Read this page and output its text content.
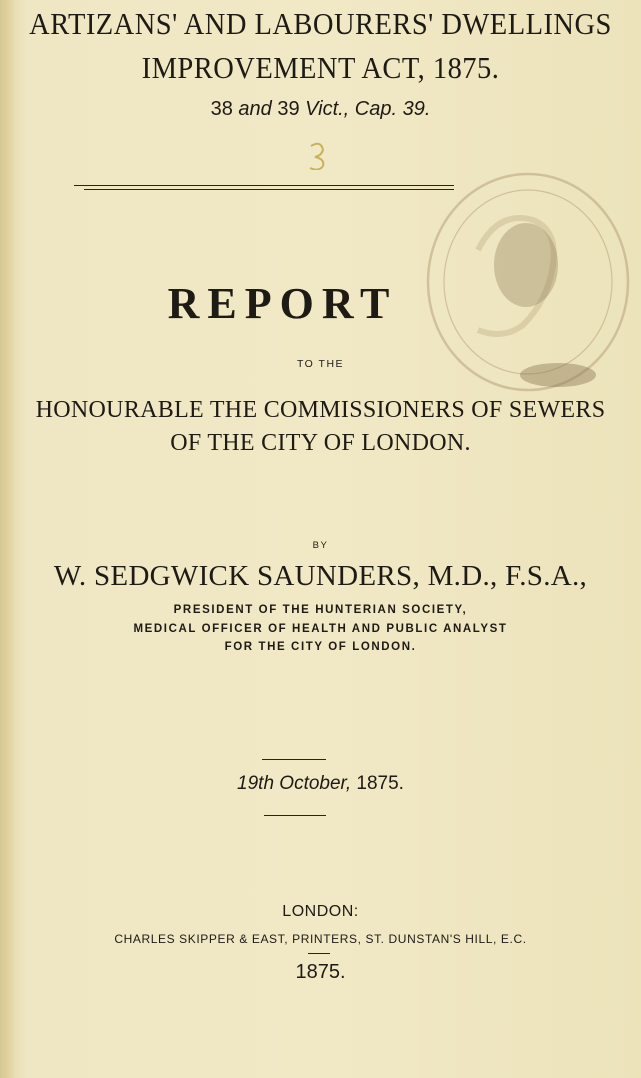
ARTIZANS' AND LABOURERS' DWELLINGS
IMPROVEMENT ACT, 1875.
38 and 39 Vict., Cap. 39.
REPORT
TO THE
HONOURABLE THE COMMISSIONERS OF SEWERS
OF THE CITY OF LONDON.
BY
W. SEDGWICK SAUNDERS, M.D., F.S.A.,
PRESIDENT OF THE HUNTERIAN SOCIETY,
MEDICAL OFFICER OF HEALTH AND PUBLIC ANALYST
FOR THE CITY OF LONDON.
19th October, 1875.
LONDON:
CHARLES SKIPPER & EAST, PRINTERS, ST. DUNSTAN'S HILL, E.C.
1875.
